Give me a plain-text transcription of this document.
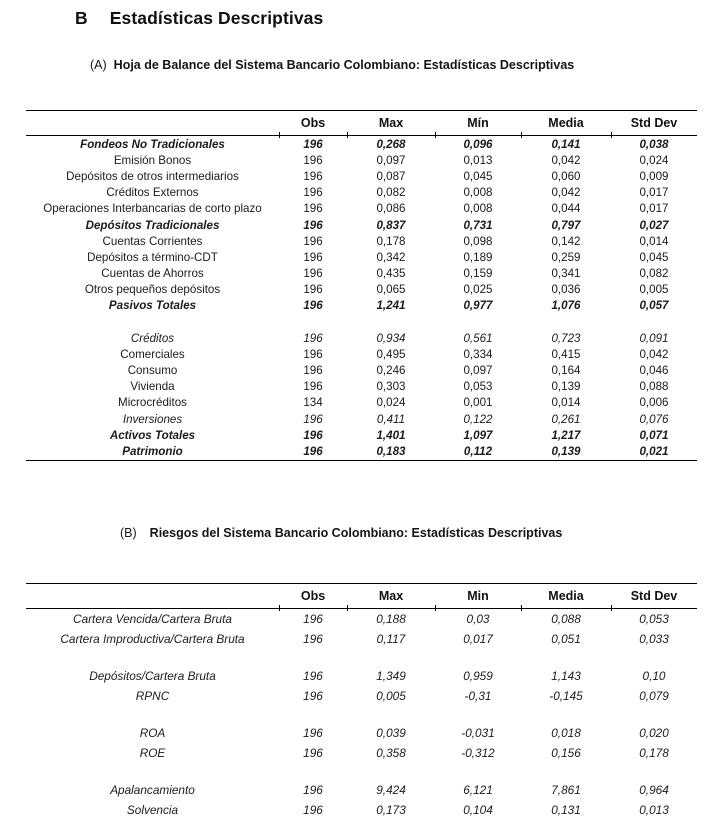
B Estadísticas Descriptivas
(A) Hoja de Balance del Sistema Bancario Colombiano: Estadísticas Descriptivas
	Obs	Max	Mín	Media	Std Dev
Fondeos No Tradicionales	196	0,268	0,096	0,141	0,038
Emisión Bonos	196	0,097	0,013	0,042	0,024
Depósitos de otros intermediarios	196	0,087	0,045	0,060	0,009
Créditos Externos	196	0,082	0,008	0,042	0,017
Operaciones Interbancarias de corto plazo	196	0,086	0,008	0,044	0,017
Depósitos Tradicionales	196	0,837	0,731	0,797	0,027
Cuentas Corrientes	196	0,178	0,098	0,142	0,014
Depósitos a término-CDT	196	0,342	0,189	0,259	0,045
Cuentas de Ahorros	196	0,435	0,159	0,341	0,082
Otros pequeños depósitos	196	0,065	0,025	0,036	0,005
Pasivos Totales	196	1,241	0,977	1,076	0,057

Créditos	196	0,934	0,561	0,723	0,091
Comerciales	196	0,495	0,334	0,415	0,042
Consumo	196	0,246	0,097	0,164	0,046
Vivienda	196	0,303	0,053	0,139	0,088
Microcréditos	134	0,024	0,001	0,014	0,006
Inversiones	196	0,411	0,122	0,261	0,076
Activos Totales	196	1,401	1,097	1,217	0,071
Patrimonio	196	0,183	0,112	0,139	0,021
(B) Riesgos del Sistema Bancario Colombiano: Estadísticas Descriptivas
	Obs	Max	Min	Media	Std Dev
Cartera Vencida/Cartera Bruta	196	0,188	0,03	0,088	0,053
Cartera Improductiva/Cartera Bruta	196	0,117	0,017	0,051	0,033

Depósitos/Cartera Bruta	196	1,349	0,959	1,143	0,10
RPNC	196	0,005	-0,31	-0,145	0,079

ROA	196	0,039	-0,031	0,018	0,020
ROE	196	0,358	-0,312	0,156	0,178

Apalancamiento	196	9,424	6,121	7,861	0,964
Solvencia	196	0,173	0,104	0,131	0,013
